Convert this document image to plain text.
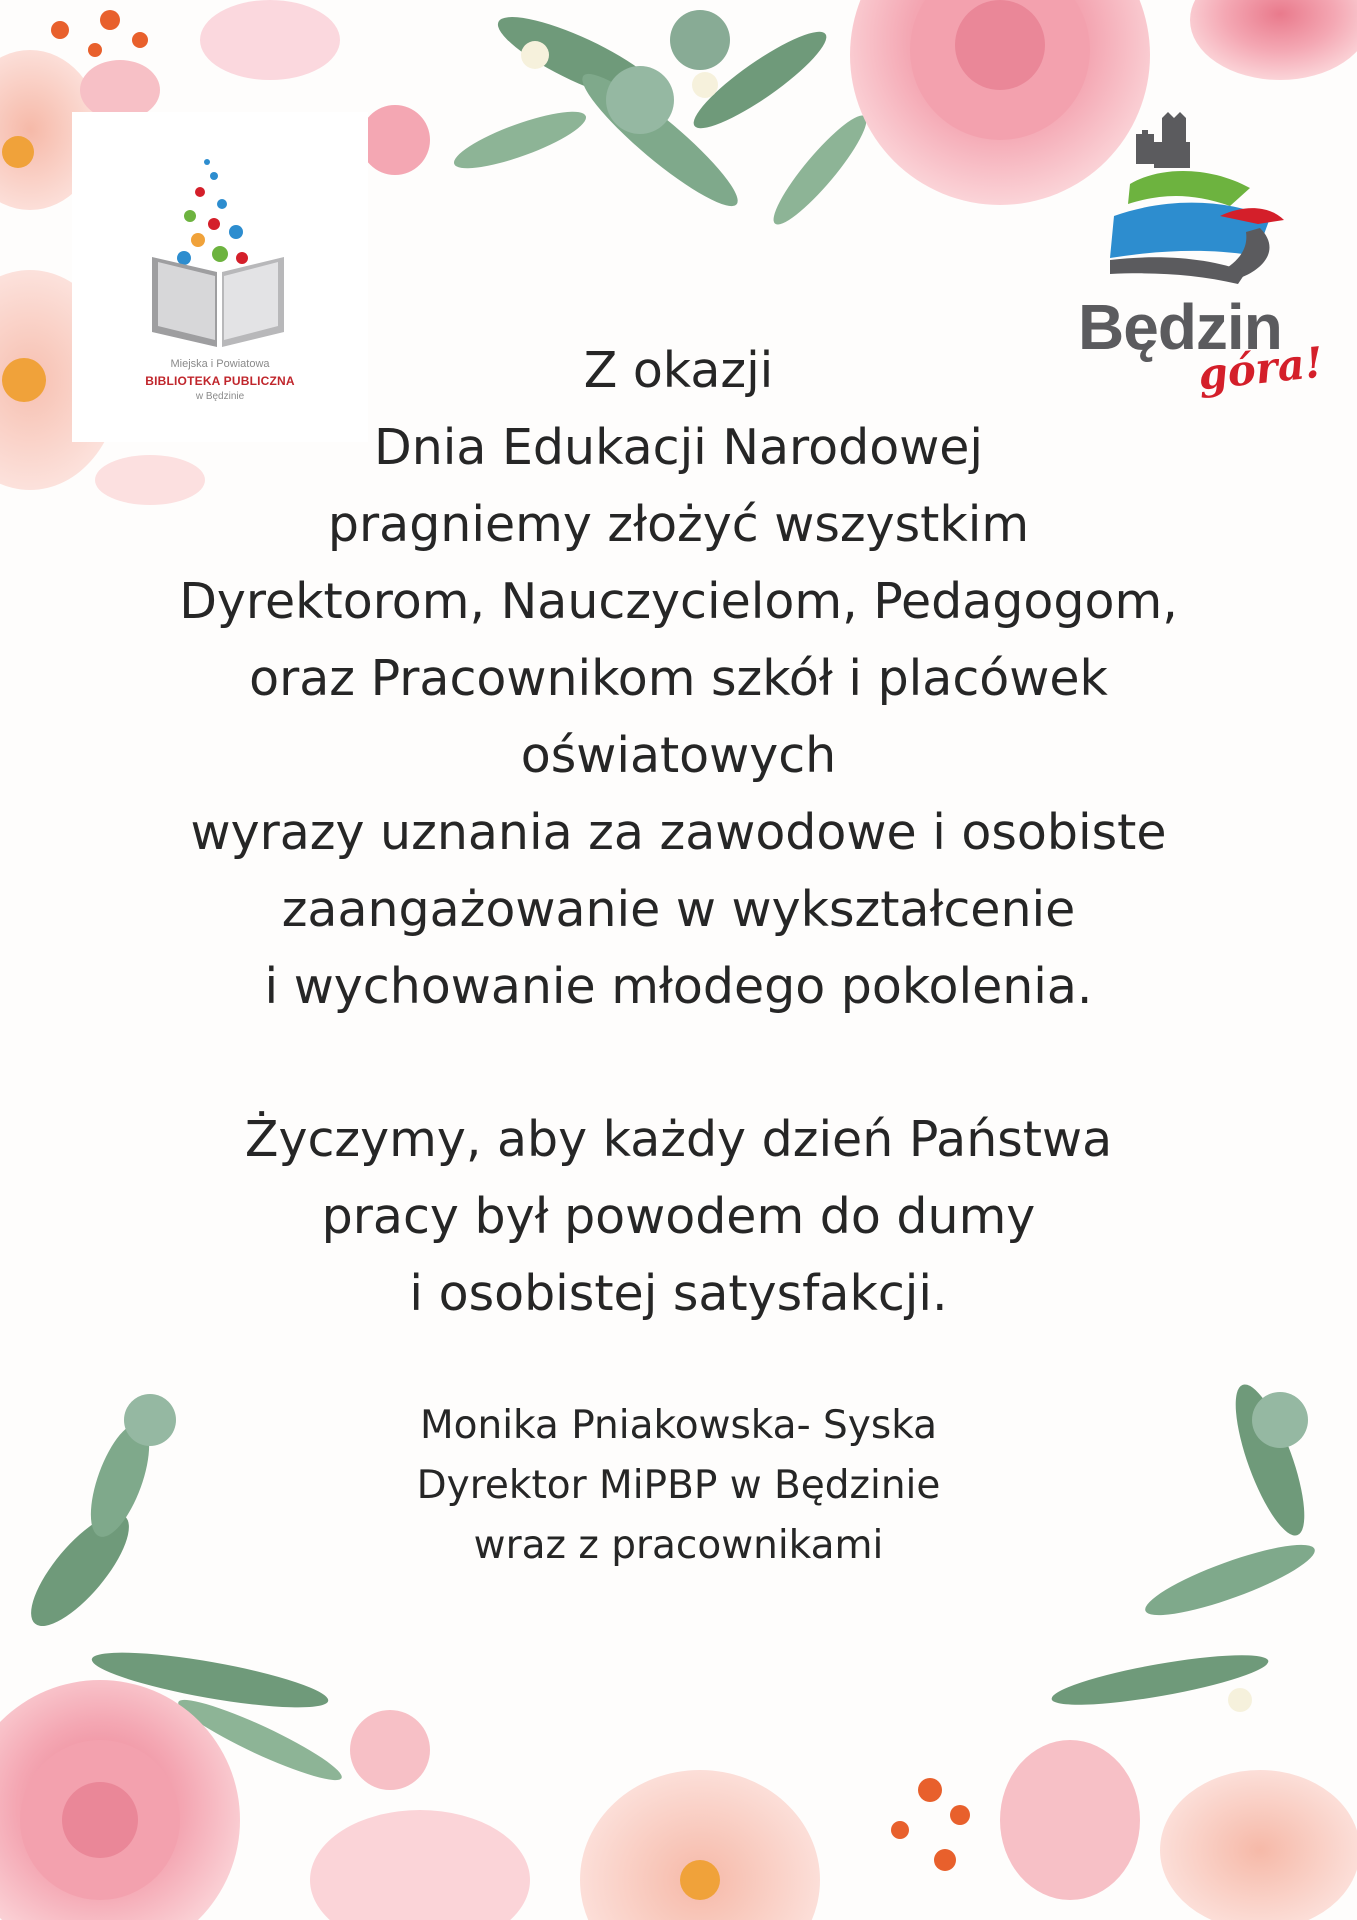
Miejska i Powiatowa
BIBLIOTEKA PUBLICZNA
w Będzinie
Będzin
góra!

Z okazji

Dnia Edukacji Narodowej

pragniemy złożyć wszystkim

Dyrektorom, Nauczycielom, Pedagogom,

oraz Pracownikom szkół i placówek

oświatowych

wyrazy uznania za zawodowe i osobiste

zaangażowanie w wykształcenie

i wychowanie młodego pokolenia.

Życzymy, aby każdy dzień Państwa

pracy był powodem do dumy

i osobistej satysfakcji.

Monika Pniakowska- Syska

Dyrektor MiPBP w Będzinie

wraz z pracownikami
